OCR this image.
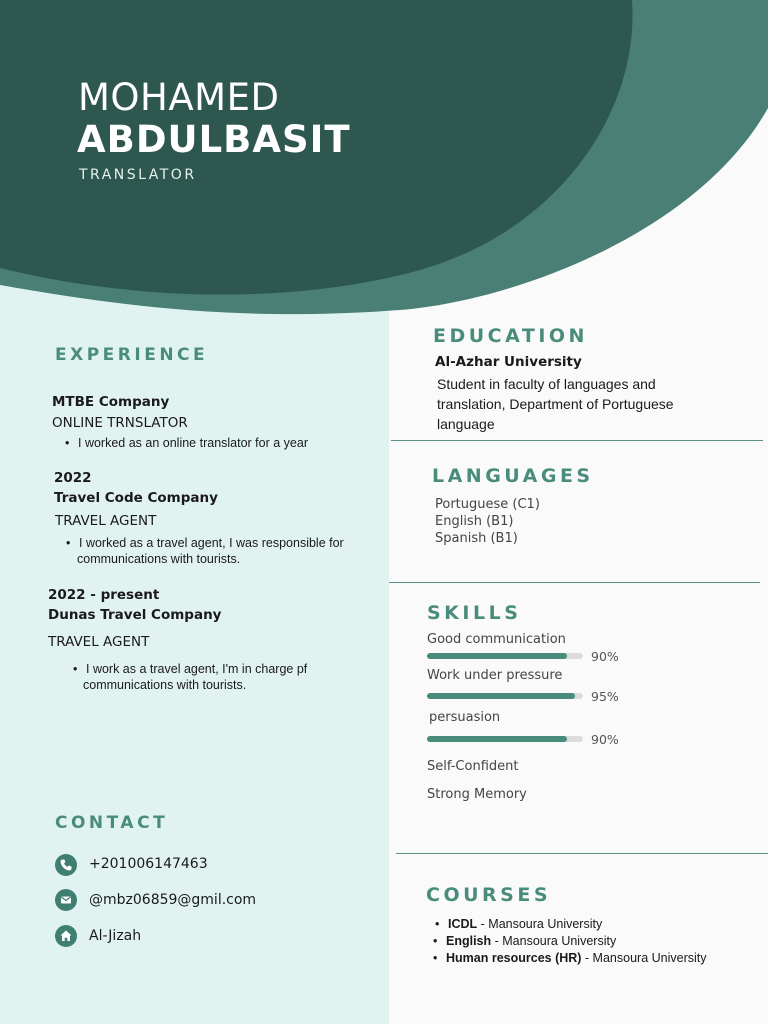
MOHAMED
ABDULBASIT
TRANSLATOR
EXPERIENCE
MTBE Company
ONLINE TRNSLATOR
• I worked as an online translator for a year
2022
Travel Code Company
TRAVEL AGENT
• I worked as a travel agent, I was responsible for
communications with tourists.
2022 - present
Dunas Travel Company
TRAVEL AGENT
• I work as a travel agent, I'm in charge pf
communications with tourists.
CONTACT
+201006147463
@mbz06859@gmil.com
Al-Jizah
EDUCATION
Al-Azhar University
Student in faculty of languages and
translation, Department of Portuguese
language
LANGUAGES
Portuguese (C1)
English (B1)
Spanish (B1)
SKILLS
Good communication
90%
Work under pressure
95%
persuasion
90%
Self-Confident
Strong Memory
COURSES
• ICDL - Mansoura University
• English - Mansoura University
• Human resources (HR) - Mansoura University
